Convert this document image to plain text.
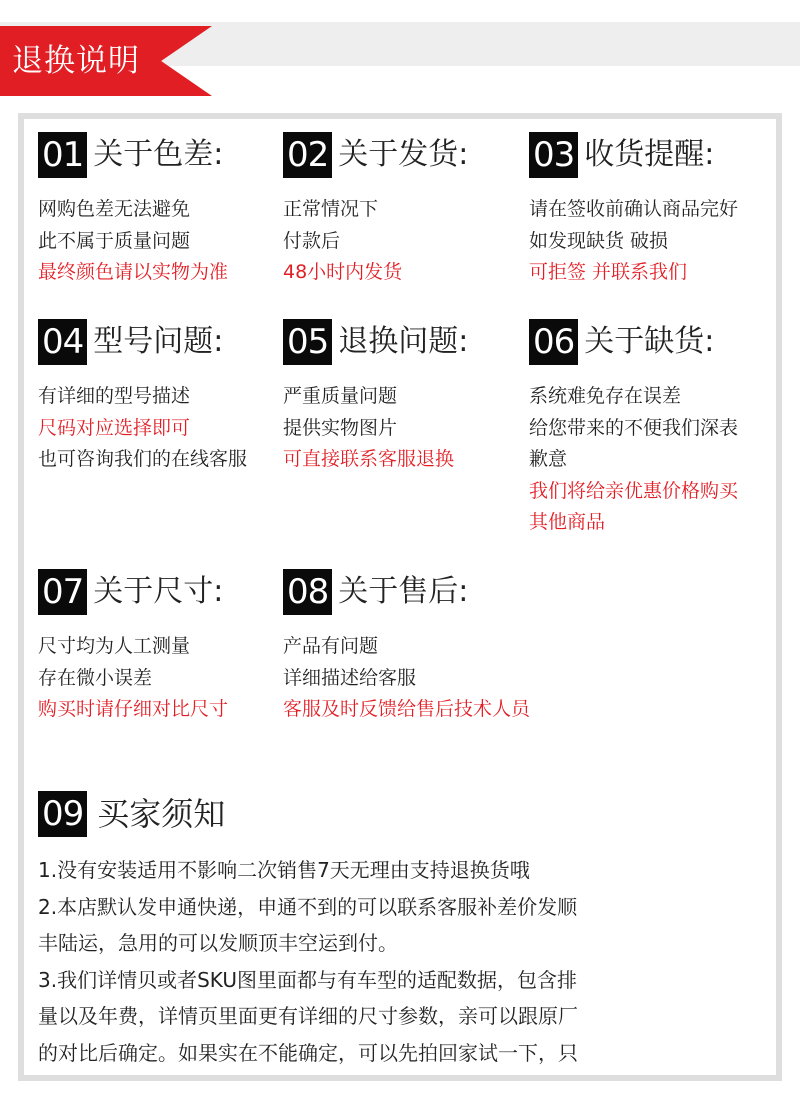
退换说明
01 关于色差:
网购色差无法避免
此不属于质量问题
最终颜色请以实物为准
02 关于发货:
正常情况下
付款后
48小时内发货
03 收货提醒:
请在签收前确认商品完好
如发现缺货 破损
可拒签 并联系我们
04 型号问题:
有详细的型号描述
尺码对应选择即可
也可咨询我们的在线客服
05 退换问题:
严重质量问题
提供实物图片
可直接联系客服退换
06 关于缺货:
系统难免存在误差
给您带来的不便我们深表
歉意
我们将给亲优惠价格购买
其他商品
07 关于尺寸:
尺寸均为人工测量
存在微小误差
购买时请仔细对比尺寸
08 关于售后:
产品有问题
详细描述给客服
客服及时反馈给售后技术人员
09 买家须知
1.没有安装适用不影响二次销售7天无理由支持退换货哦
2.本店默认发申通快递，申通不到的可以联系客服补差价发顺
丰陆运，急用的可以发顺顶丰空运到付。
3.我们详情贝或者SKU图里面都与有车型的适配数据，包含排
量以及年费，详情页里面更有详细的尺寸参数，亲可以跟原厂
的对比后确定。如果实在不能确定，可以先拍回家试一下，只
